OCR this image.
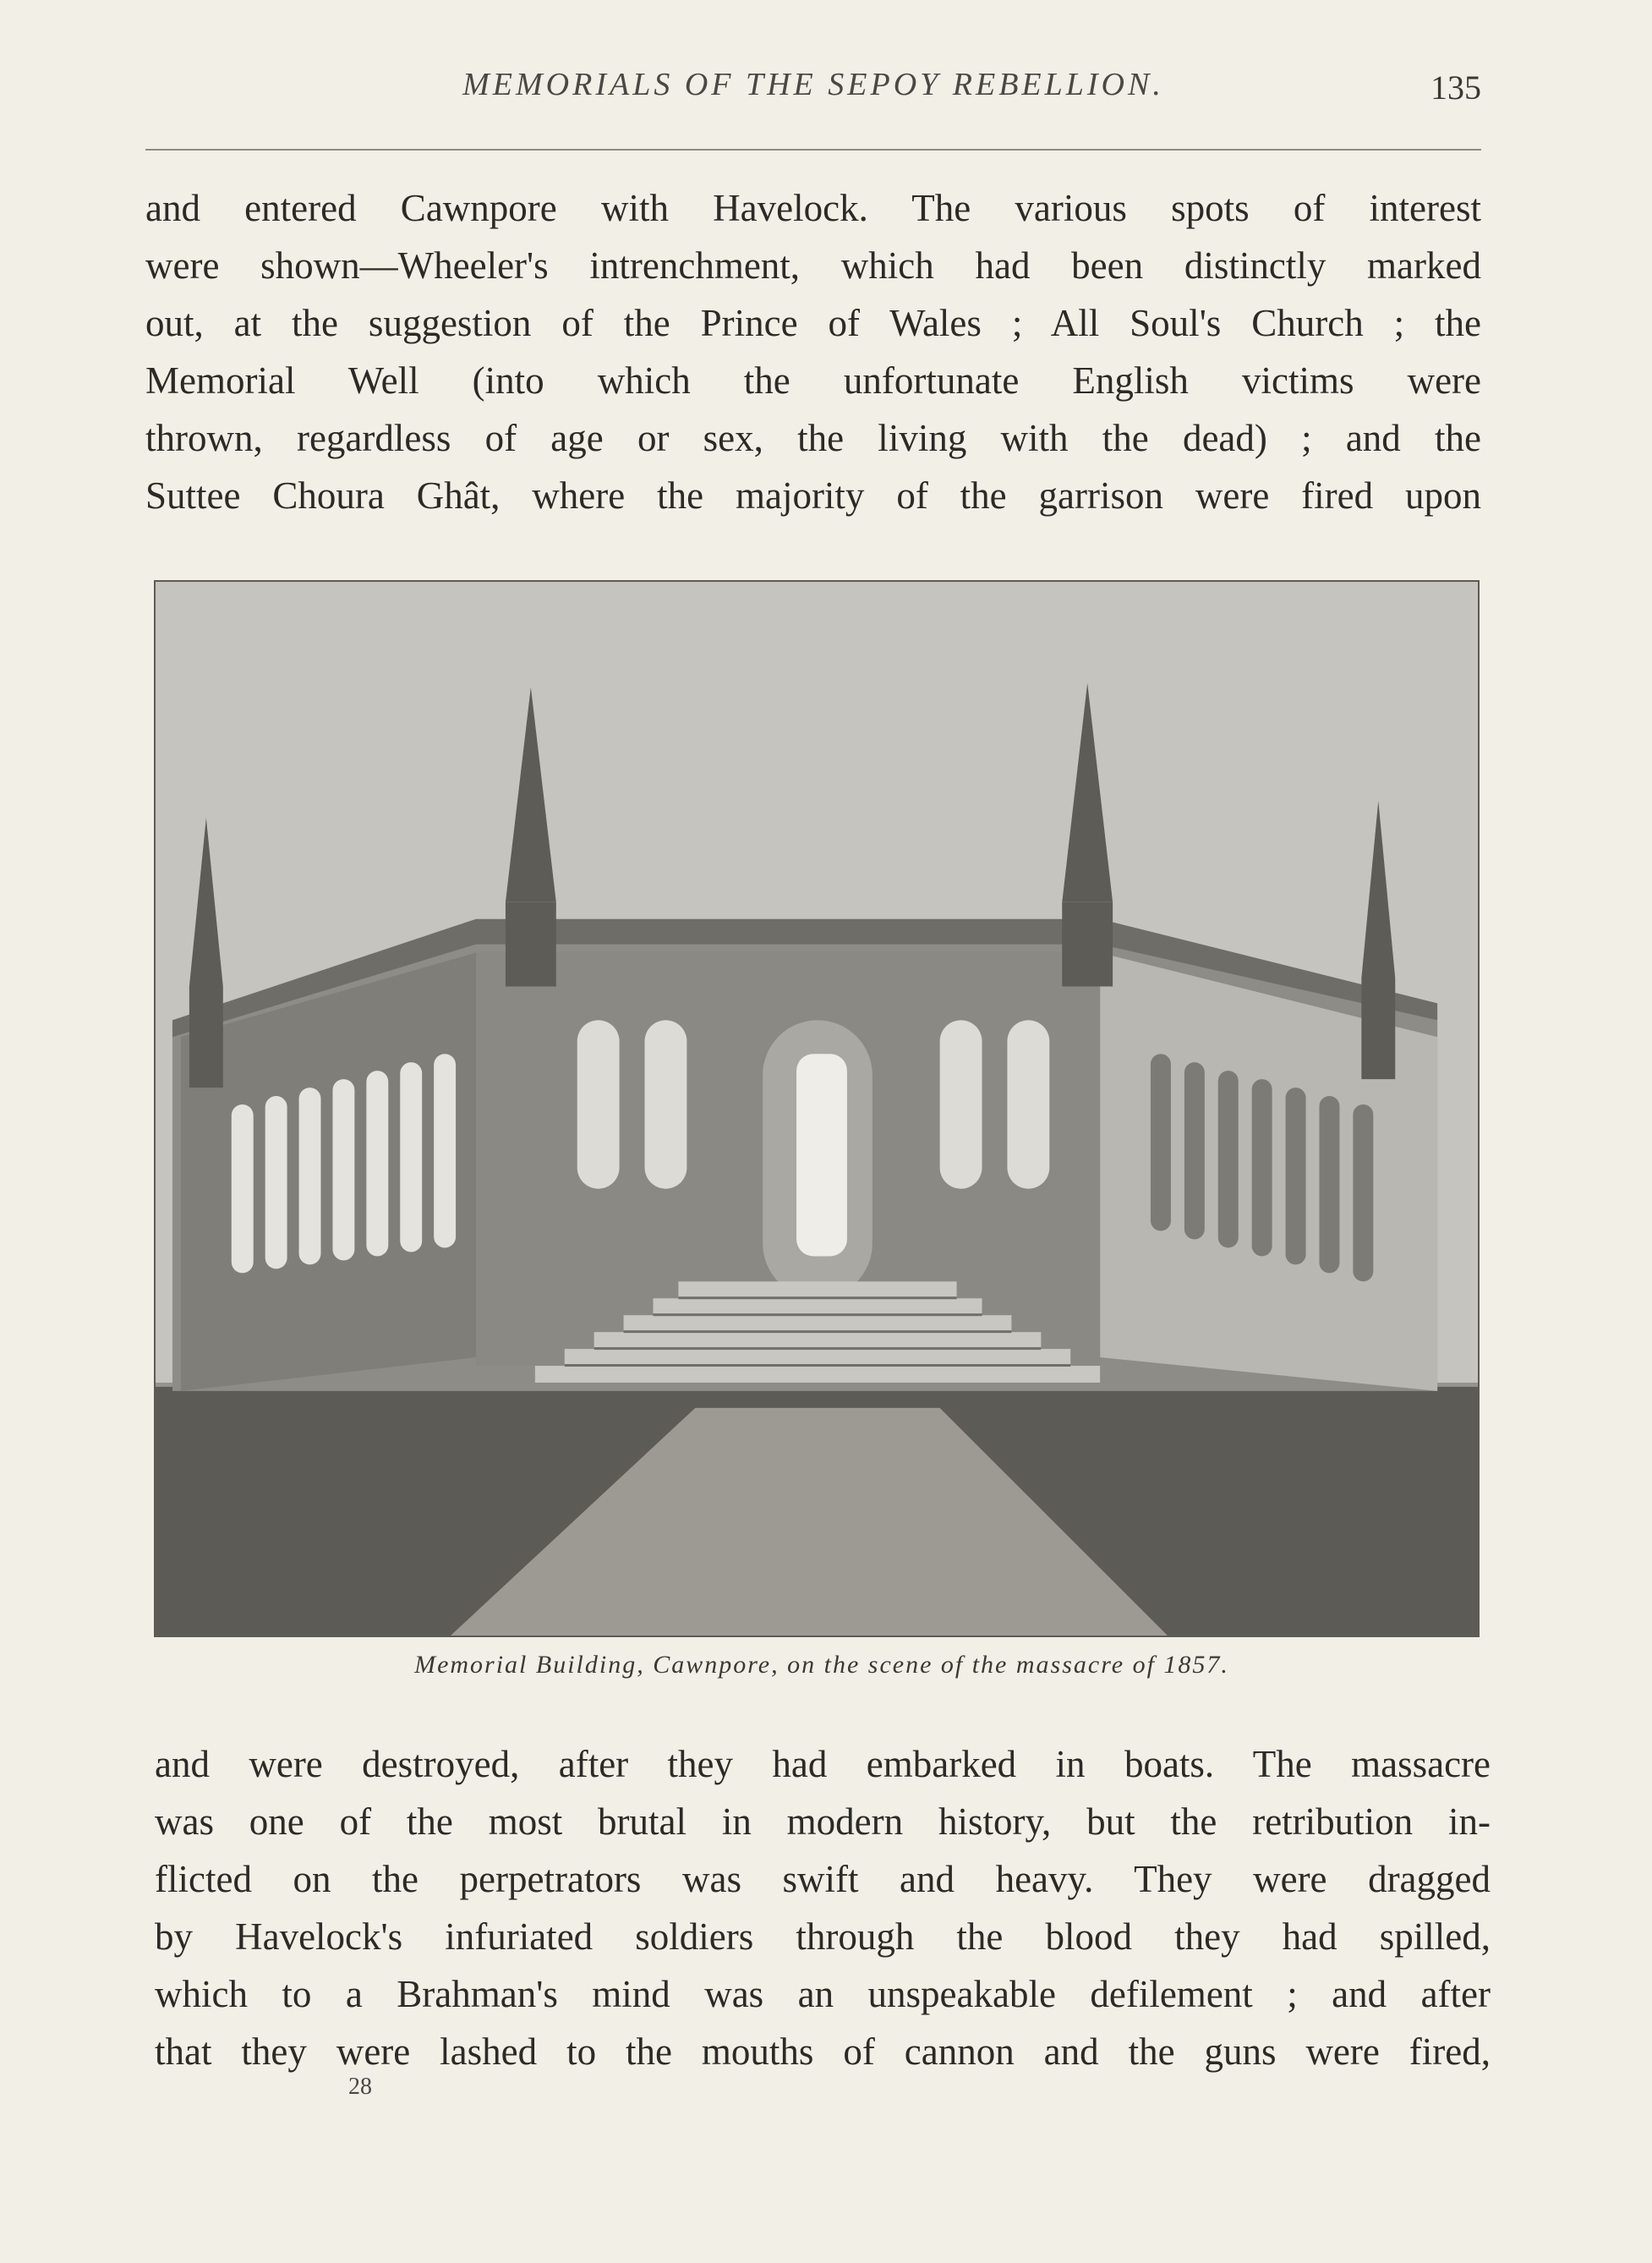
MEMORIALS OF THE SEPOY REBELLION.	135
and entered Cawnpore with Havelock. The various spots of interest
were shown—Wheeler's intrenchment, which had been distinctly marked
out, at the suggestion of the Prince of Wales ; All Soul's Church ; the
Memorial Well (into which the unfortunate English victims were
thrown, regardless of age or sex, the living with the dead) ; and the
Suttee Choura Ghât, where the majority of the garrison were fired upon
Memorial Building, Cawnpore, on the scene of the massacre of 1857.
and were destroyed, after they had embarked in boats. The massacre
was one of the most brutal in modern history, but the retribution in-
flicted on the perpetrators was swift and heavy. They were dragged
by Havelock's infuriated soldiers through the blood they had spilled,
which to a Brahman's mind was an unspeakable defilement ; and after
that they were lashed to the mouths of cannon and the guns were fired,
28
